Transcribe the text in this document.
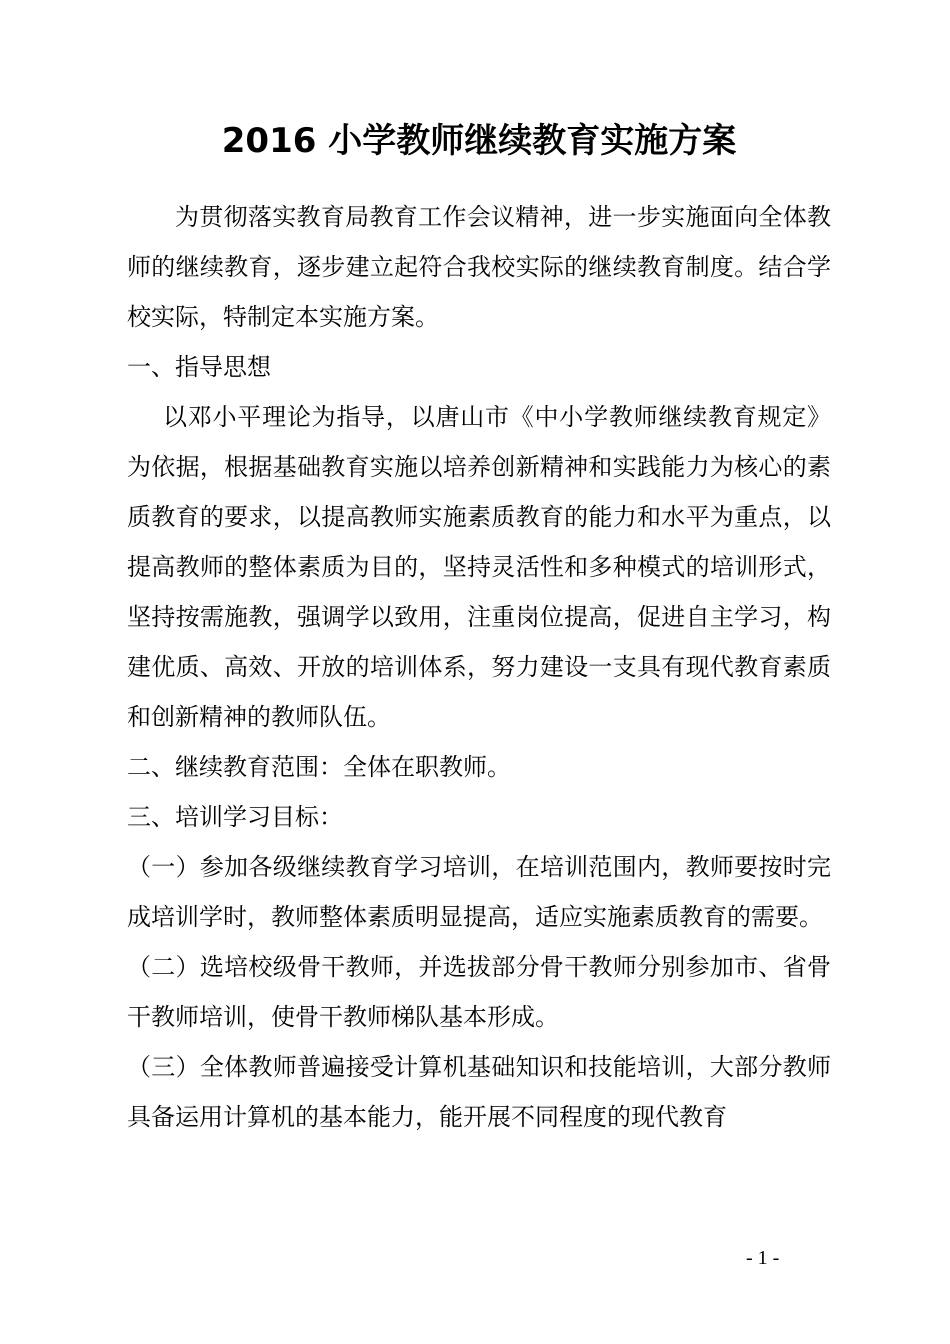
2016 小学教师继续教育实施方案

为贯彻落实教育局教育工作会议精神，进一步实施面向全体教师的继续教育，逐步建立起符合我校实际的继续教育制度。结合学校实际，特制定本实施方案。

一、指导思想

以邓小平理论为指导，以唐山市《中小学教师继续教育规定》为依据，根据基础教育实施以培养创新精神和实践能力为核心的素质教育的要求，以提高教师实施素质教育的能力和水平为重点，以提高教师的整体素质为目的，坚持灵活性和多种模式的培训形式，坚持按需施教，强调学以致用，注重岗位提高，促进自主学习，构建优质、高效、开放的培训体系，努力建设一支具有现代教育素质和创新精神的教师队伍。

二、继续教育范围：全体在职教师。

三、培训学习目标：

（一）参加各级继续教育学习培训，在培训范围内，教师要按时完成培训学时，教师整体素质明显提高，适应实施素质教育的需要。

（二）选培校级骨干教师，并选拔部分骨干教师分别参加市、省骨干教师培训，使骨干教师梯队基本形成。

（三）全体教师普遍接受计算机基础知识和技能培训，大部分教师具备运用计算机的基本能力，能开展不同程度的现代教育

- 1 -
